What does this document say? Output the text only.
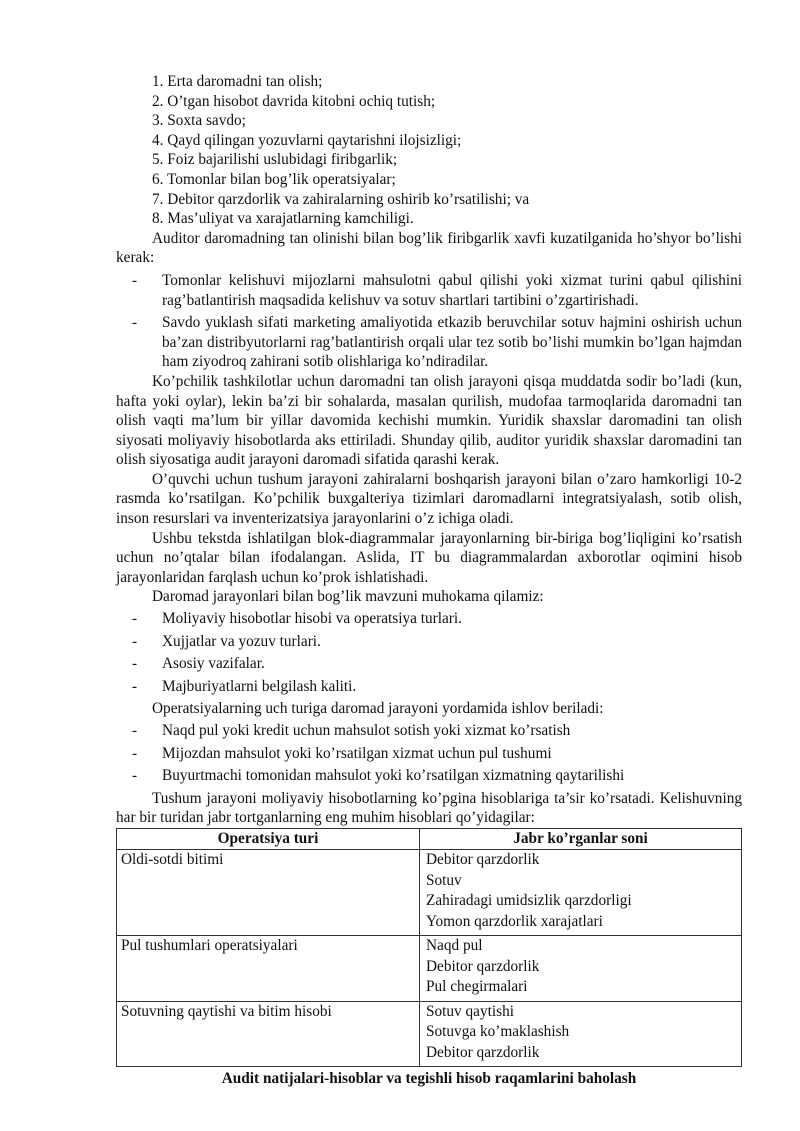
1. Erta daromadni tan olish;
2. O’tgan hisobot davrida kitobni ochiq tutish;
3. Soxta savdo;
4. Qayd qilingan yozuvlarni qaytarishni ilojsizligi;
5. Foiz bajarilishi uslubidagi firibgarlik;
6. Tomonlar bilan bog’lik operatsiyalar;
7. Debitor qarzdorlik va zahiralarning oshirib ko’rsatilishi; va
8. Mas’uliyat va xarajatlarning kamchiligi.

Auditor daromadning tan olinishi bilan bog’lik firibgarlik xavfi kuzatilganida ho’shyor bo’lishi kerak:

-	Tomonlar kelishuvi mijozlarni mahsulotni qabul qilishi yoki xizmat turini qabul qilishini rag’batlantirish maqsadida kelishuv va sotuv shartlari tartibini o’zgartirishadi.
-	Savdo yuklash sifati marketing amaliyotida etkazib beruvchilar sotuv hajmini oshirish uchun ba’zan distribyutorlarni rag’batlantirish orqali ular tez sotib bo’lishi mumkin bo’lgan hajmdan ham ziyodroq zahirani sotib olishlariga ko’ndiradilar.

Ko’pchilik tashkilotlar uchun daromadni tan olish jarayoni qisqa muddatda sodir bo’ladi (kun, hafta yoki oylar), lekin ba’zi bir sohalarda, masalan qurilish, mudofaa tarmoqlarida daromadni tan olish vaqti ma’lum bir yillar davomida kechishi mumkin. Yuridik shaxslar daromadini tan olish siyosati moliyaviy hisobotlarda aks ettiriladi. Shunday qilib, auditor yuridik shaxslar daromadini tan olish siyosatiga audit jarayoni daromadi sifatida qarashi kerak.

O’quvchi uchun tushum jarayoni zahiralarni boshqarish jarayoni bilan o’zaro hamkorligi 10-2 rasmda ko’rsatilgan. Ko’pchilik buxgalteriya tizimlari daromadlarni integratsiyalash, sotib olish, inson resurslari va inventerizatsiya jarayonlarini o’z ichiga oladi.

Ushbu tekstda ishlatilgan blok-diagrammalar jarayonlarning bir-biriga bog’liqligini ko’rsatish uchun no’qtalar bilan ifodalangan. Aslida, IT bu diagrammalardan axborotlar oqimini hisob jarayonlaridan farqlash uchun ko’prok ishlatishadi.

Daromad jarayonlari bilan bog’lik mavzuni muhokama qilamiz:

-	Moliyaviy hisobotlar hisobi va operatsiya turlari.
-	Xujjatlar va yozuv turlari.
-	Asosiy vazifalar.
-	Majburiyatlarni belgilash kaliti.

Operatsiyalarning uch turiga daromad jarayoni yordamida ishlov beriladi:

-	Naqd pul yoki kredit uchun mahsulot sotish yoki xizmat ko’rsatish
-	Mijozdan mahsulot yoki ko’rsatilgan xizmat uchun pul tushumi
-	Buyurtmachi tomonidan mahsulot yoki ko’rsatilgan xizmatning qaytarilishi

Tushum jarayoni moliyaviy hisobotlarning ko’pgina hisoblariga ta’sir ko’rsatadi. Kelishuvning har bir turidan jabr tortganlarning eng muhim hisoblari qo’yidagilar:

Operatsiya turi	Jabr ko’rganlar soni
Oldi-sotdi bitimi	Debitor qarzdorlik
Sotuv
Zahiradagi umidsizlik qarzdorligi
Yomon qarzdorlik xarajatlari

Pul tushumlari operatsiyalari	Naqd pul
Debitor qarzdorlik
Pul chegirmalari

Sotuvning qaytishi va bitim hisobi	Sotuv qaytishi
Sotuvga ko’maklashish
Debitor qarzdorlik
Audit natijalari-hisoblar va tegishli hisob raqamlarini baholash
